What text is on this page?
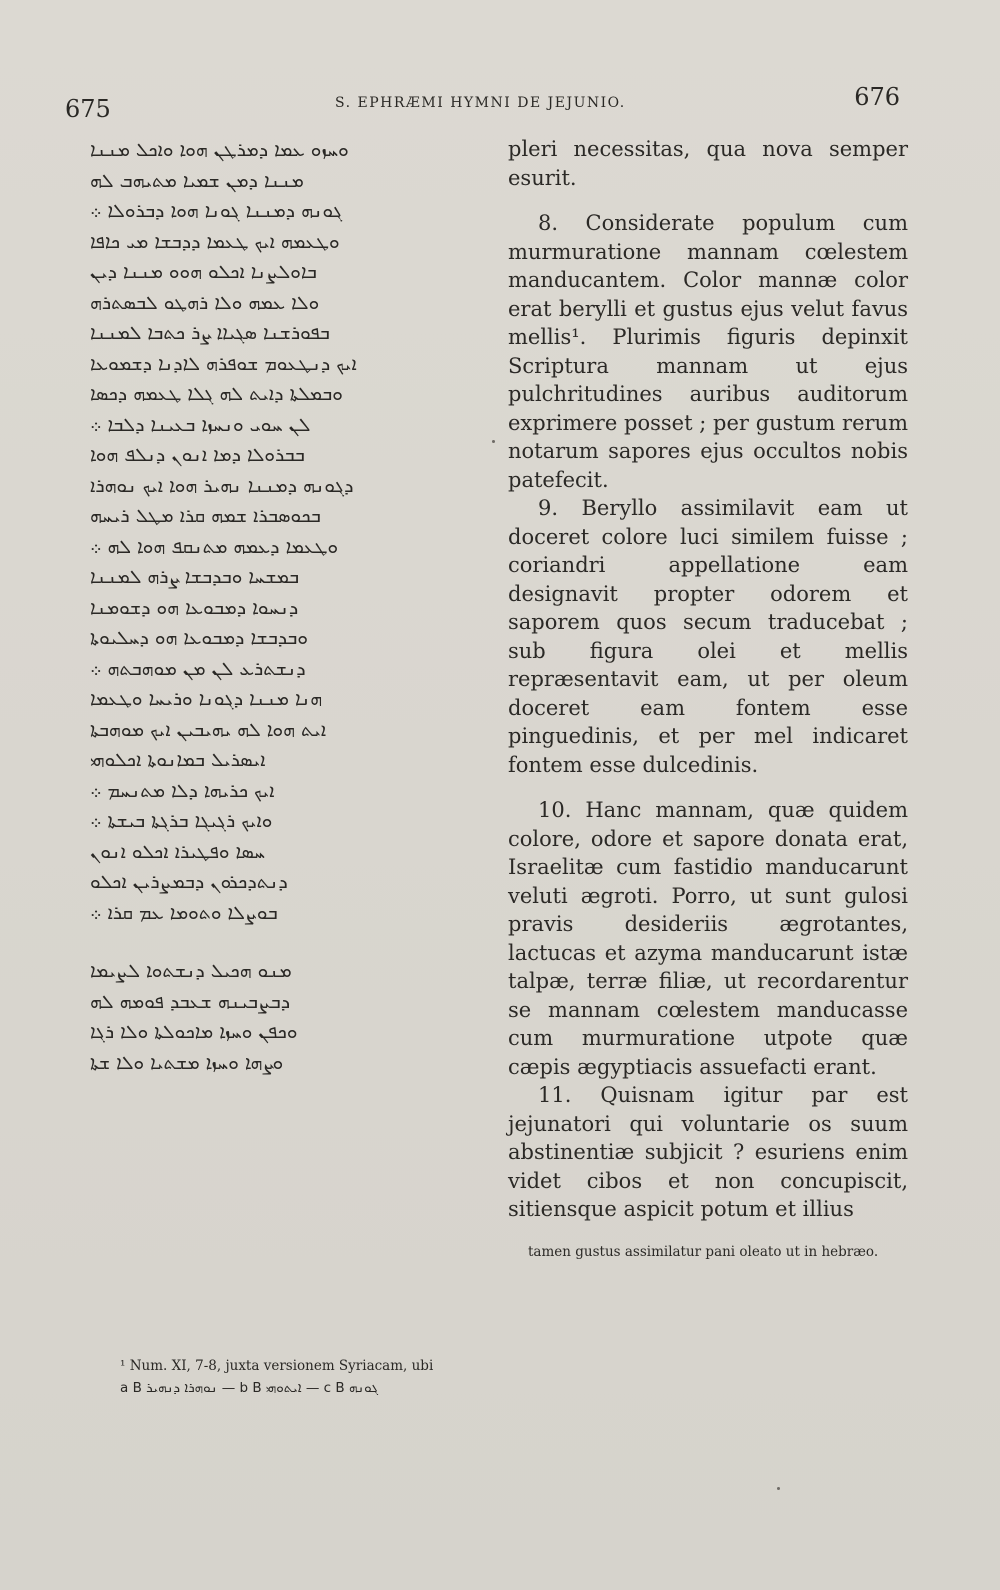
675	S. EPHRÆMI HYMNI DE JEJUNIO.	676
ܘܚܙܘ ܥܡܐ ܕܡܪܛܢ ܗܘܐ ܘܐܟܠ ܡܢܢܐ
ܡܢܢܐ ܕܡܢ ܫܡܝܐ ܡܬܝܗܒ ܠܗ
ܓܘܢܗ ܕܡܢܢܐ ܓܘܢܐ ܗܘܐ ܕܒܪܘܠܐ ܀
ܘܛܥܡܗ ܐܝܟ ܛܥܡܐ ܕܕܒܫܐ ܡܝ ܟܐܦܐ
ܒܐܘܠܨܢܐ ܐܟܠܘ ܗܘܘ ܡܢܢܐ ܕܝܢ
ܘܠܐ ܥܡܗ ܘܠܐ ܪܗܛܘ ܠܒܣܬܪܗ
ܒܦܘܪܫܢܐ ܣܓܝܐܐ ܨܪ ܟܬܒܐ ܠܡܢܢܐ
ܐܝܟ ܕܢܛܥܘܡ ܫܘܦܪܗ ܠܐܕܢܐ ܕܫܡܘܥܐ
ܘܒܡܠܬܐ ܕܐܝܬ ܠܗ ܓܠܐ ܛܥܡܗ ܕܟܣܐ
ܠܢ ܚܘܝ ܘܢܚܙܐ ܒܥܝܢܐ ܕܠܒܐ ܀
ܒܒܪܘܠܐ ܕܡܐ ܐܢܘܢ ܕܢܠܦ ܗܘܐ
ܕܓܘܢܗ ܕܡܢܢܐ ܢܗܝܪ ܗܘܐ ܐܝܟ ܢܘܗܪܐ
ܒܟܘܣܒܪܐ ܫܡܗ ܩܪܐ ܡܛܠ ܪܝܚܗ
ܘܛܥܡܐ ܕܥܡܗ ܡܬܢܩܦ ܗܘܐ ܠܗ ܀
ܒܡܫܚܐ ܘܒܕܒܫܐ ܨܪܗ ܠܡܢܢܐ
ܕܢܚܘܐ ܕܡܒܘܥܐ ܗܘ ܕܫܘܡܢܐ
ܘܒܕܒܫܐ ܕܡܒܘܥܐ ܗܘ ܕܚܠܝܘܬܐ
ܕܢܫܬܪܥ ܠܢ ܡܢ ܡܘܗܒܬܗ ܀
ܗܢܐ ܡܢܢܐ ܕܓܘܢܐ ܘܪܝܚܐ ܘܛܥܡܐ
ܐܝܬ ܗܘܐ ܠܗ ܝܗܝܒܝܢ ܐܝܟ ܡܘܗܒܬܐ
ܐܝܣܪܝܠ ܒܡܐܢܘܬܐ ܐܟܠܘܗܝ
ܐܝܟ ܟܪܝܗܐ ܕܠܐ ܡܬܢܚܡ ܀
ܘܐܝܟ ܪܓܝܓܐ ܒܪܓܬܐ ܒܝܫܬܐ ܀
ܚܣܐ ܘܦܛܝܪܐ ܐܟܠܘ ܐܢܘܢ
ܕܢܬܕܟܪܘܢ ܕܒܡܨܪܝܢ ܐܟܠܘ
ܒܘܨܠܐ ܘܬܘܡܐ ܥܡ ܩܪܐ ܀
ܡܢܘ ܗܟܝܠ ܕܢܫܬܘܐ ܠܨܝܡܐ
ܕܒܨܒܝܢܗ ܫܥܒܕ ܦܘܡܗ ܠܗ
ܘܟܦܢ ܘܚܙܐ ܡܐܟܘܠܬܐ ܘܠܐ ܪܓܐ
ܘܨܗܐ ܘܚܙܐ ܡܫܬܝܐ ܘܠܐ ܫܬܐ

pleri necessitas, qua nova semper esurit.

8. Considerate populum cum murmuratione mannam cœlestem manducantem. Color mannæ color erat berylli et gustus ejus velut favus mellis¹. Plurimis figuris depinxit Scriptura mannam ut ejus pulchritudines auribus auditorum exprimere posset ; per gustum rerum notarum sapores ejus occultos nobis patefecit.

9. Beryllo assimilavit eam ut doceret colore luci similem fuisse ; coriandri appellatione eam designavit propter odorem et saporem quos secum traducebat ; sub figura olei et mellis repræsentavit eam, ut per oleum doceret eam fontem esse pinguedinis, et per mel indicaret fontem esse dulcedinis.

10. Hanc mannam, quæ quidem colore, odore et sapore donata erat, Israelitæ cum fastidio manducarunt veluti ægroti. Porro, ut sunt gulosi pravis desideriis ægrotantes, lactucas et azyma manducarunt istæ talpæ, terræ filiæ, ut recordarentur se mannam cœlestem manducasse cum murmuratione utpote quæ cæpis ægyptiacis assuefacti erant.

11. Quisnam igitur par est jejunatori qui voluntarie os suum abstinentiæ subjicit ? esuriens enim videt cibos et non concupiscit, sitiensque aspicit potum et illius

tamen gustus assimilatur pani oleato ut in hebræo.
¹ Num. XI, 7-8, juxta versionem Syriacam, ubi
a B ܢܘܗܪܐ ܕܢܗܝܪ — b B ܐܝܬܘܗܝ — c B ܓܘܢܗ
